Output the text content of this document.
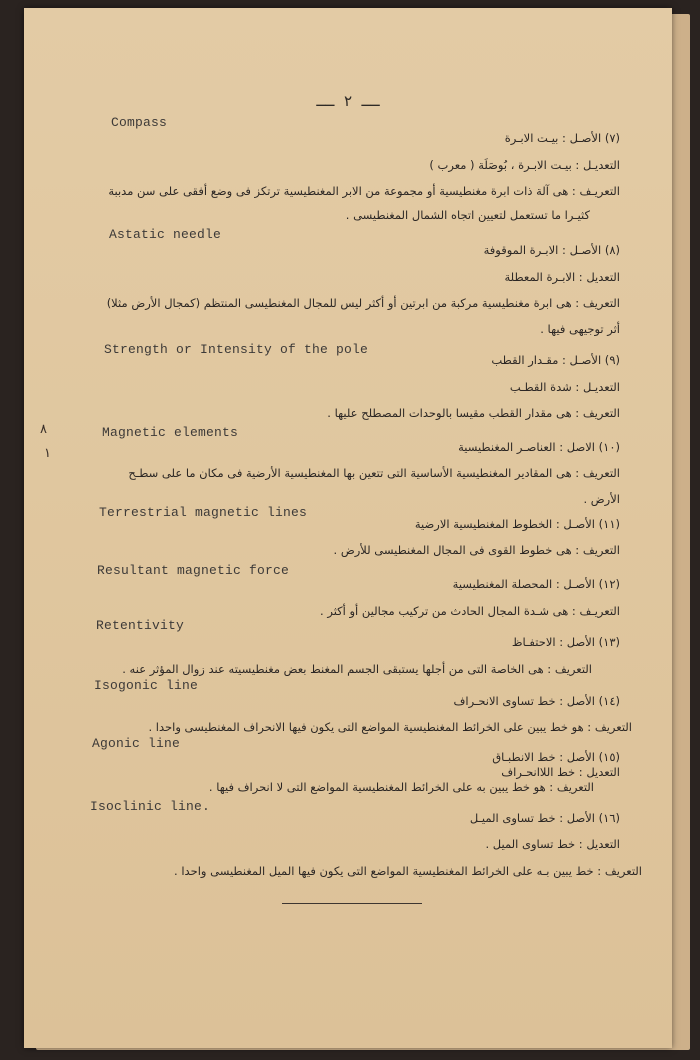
ــ ٢ ــ
Compass
(٧) الأصـل : بيـت الابـرة
التعديـل : بيـت الابـرة ، بُوصَلَة ( معرب )
التعريـف : هى آلة ذات ابرة مغنطيسية أو مجموعة من الابر المغنطيسية ترتكز فى وضع أفقى على سن مدببة
كثيـرا ما تستعمل لتعيين اتجاه الشمال المغنطيسى .
Astatic needle
(٨) الأصـل : الابـرة الموقوفة
التعديل : الابـرة المعطلة
التعريف : هى ابرة مغنطيسية مركبة من ابرتين أو أكثر ليس للمجال المغنطيسى المنتظم (كمجال الأرض مثلا)
أثر توجيهى فيها .
Strength or Intensity of the pole
(٩) الأصـل : مقـدار القطب
التعديـل : شدة القطـب
التعريف : هى مقدار القطب مقيسا بالوحدات المصطلح عليها .
Magnetic elements
(١٠) الاصل : العناصـر المغنطيسية
التعريف : هى المقادير المغنطيسية الأساسية التى تتعين بها المغنطيسية الأرضية فى مكان ما على سطـح
الأرض .
Terrestrial magnetic lines
(١١) الأصـل : الخطوط المغنطيسية الارضية
التعريف : هى خطوط القوى فى المجال المغنطيسى للأرض .
Resultant magnetic force
(١٢) الأصـل : المحصلة المغنطيسية
التعريـف : هى شـدة المجال الحادث من تركيب مجالين أو أكثر .
Retentivity
(١٣) الأصل : الاحتفـاظ
التعريف : هى الخاصة التى من أجلها يستبقى الجسم المغنط بعض مغنطيسيته عند زوال المؤثر عنه .
Isogonic line
(١٤) الأصل : خط تساوى الانحـراف
التعريف : هو خط يبين على الخرائط المغنطيسية المواضع التى يكون فيها الانحراف المغنطيسى واحدا .
Agonic line
(١٥) الأصل : خط الانطبـاق
التعديل : خط اللاانحـراف
التعريف : هو خط يبين به على الخرائط المغنطيسية المواضع التى لا انحراف فيها .
Isoclinic line.
(١٦) الأصل : خط تساوى الميـل
التعديل : خط تساوى الميل .
التعريف : خط يبين بـه على الخرائط المغنطيسية المواضع التى يكون فيها الميل المغنطيسى واحدا .
٨
١
